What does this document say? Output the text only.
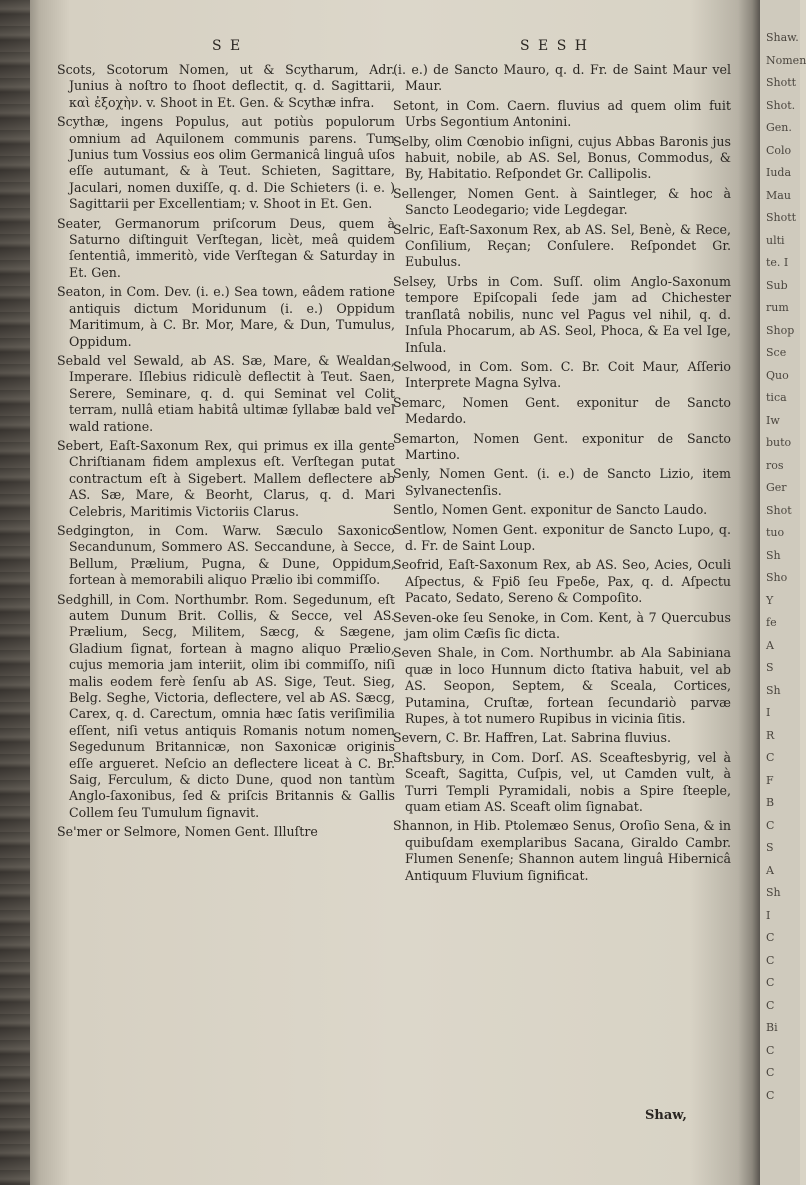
S E	S E S H

Scots, Scotorum Nomen, ut & Scytharum, Adr. Junius à noſtro to ſhoot deflectit, q. d. Sagittarii, καὶ ἐξοχὴν. v. Shoot in Et. Gen. & Scythæ infra.

Scythæ, ingens Populus, aut potiùs populorum omnium ad Aquilonem communis parens. Tum Junius tum Vossius eos olim Germanicâ linguâ uſos eſſe autumant, & à Teut. Schieten, Sagittare, Jaculari, nomen duxiſſe, q. d. Die Schieters (i. e. ) Sagittarii per Excellentiam; v. Shoot in Et. Gen.

Seater, Germanorum priſcorum Deus, quem à Saturno diſtinguit Verſtegan, licèt, meâ quidem ſententiâ, immeritò, vide Verſtegan & Saturday in Et. Gen.

Seaton, in Com. Dev. (i. e.) Sea town, eâdem ratione antiquis dictum Moridunum (i. e.) Oppidum Maritimum, à C. Br. Mor, Mare, & Dun, Tumulus, Oppidum.

Sebald vel Sewald, ab AS. Sæ, Mare, & Wealdan, Imperare. Iſlebius ridiculè deflectit à Teut. Saen, Serere, Seminare, q. d. qui Seminat vel Colit terram, nullâ etiam habitâ ultimæ ſyllabæ bald vel wald ratione.

Sebert, Eaſt-Saxonum Rex, qui primus ex illa gente Chriſtianam fidem amplexus eſt. Verſtegan putat contractum eſt à Sigebert. Mallem deflectere ab AS. Sæ, Mare, & Beorht, Clarus, q. d. Mari Celebris, Maritimis Victoriis Clarus.

Sedgington, in Com. Warw. Sæculo Saxonico Secandunum, Sommero AS. Seccandune, à Secce, Bellum, Prælium, Pugna, & Dune, Oppidum, fortean à memorabili aliquo Prælio ibi commiſſo.

Sedghill, in Com. Northumbr. Rom. Segedunum, eſt autem Dunum Brit. Collis, & Secce, vel AS. Prælium, Secg, Militem, Sæcg, & Sægene, Gladium ſignat, fortean à magno aliquo Prælio, cujus memoria jam interiit, olim ibi commiſſo, niſi malis eodem ferè ſenſu ab AS. Sige, Teut. Sieg, Belg. Seghe, Victoria, deflectere, vel ab AS. Sæcg, Carex, q. d. Carectum, omnia hæc ſatis veriſimilia eſſent, niſi vetus antiquis Romanis notum nomen Segedunum Britannicæ, non Saxonicæ originis eſſe argueret. Neſcio an deflectere liceat à C. Br. Saig, Ferculum, & dicto Dune, quod non tantùm Anglo-ſaxonibus, ſed & priſcis Britannis & Gallis Collem ſeu Tumulum ſignavit.

Se'mer or Selmore, Nomen Gent. Illuſtre

(i. e.) de Sancto Mauro, q. d. Fr. de Saint Maur vel Maur.

Setont, in Com. Caern. fluvius ad quem olim fuit Urbs Segontium Antonini.

Selby, olim Cœnobio inſigni, cujus Abbas Baronis jus habuit, nobile, ab AS. Sel, Bonus, Commodus, & By, Habitatio. Reſpondet Gr. Callipolis.

Sellenger, Nomen Gent. à Saintleger, & hoc à Sancto Leodegario; vide Legdegar.

Selric, Eaſt-Saxonum Rex, ab AS. Sel, Benè, & Rece, Conſilium, Reçan; Conſulere. Reſpondet Gr. Eubulus.

Selsey, Urbs in Com. Suſſ. olim Anglo-Saxonum tempore Epiſcopali ſede jam ad Chichester tranſlatâ nobilis, nunc vel Pagus vel nihil, q. d. Inſula Phocarum, ab AS. Seol, Phoca, & Ea vel Ige, Inſula.

Selwood, in Com. Som. C. Br. Coit Maur, Aſſerio Interprete Magna Sylva.

Semarc, Nomen Gent. exponitur de Sancto Medardo.

Semarton, Nomen Gent. exponitur de Sancto Martino.

Senly, Nomen Gent. (i. e.) de Sancto Lizio, item Sylvanectenſis.

Sentlo, Nomen Gent. exponitur de Sancto Laudo.

Sentlow, Nomen Gent. exponitur de Sancto Lupo, q. d. Fr. de Saint Loup.

Seofrid, Eaſt-Saxonum Rex, ab AS. Seo, Acies, Oculi Aſpectus, & Fpiδ ſeu Fpeδe, Pax, q. d. Aſpectu Pacato, Sedato, Sereno & Compoſito.

Seven-oke ſeu Senoke, in Com. Kent, à 7 Quercubus jam olim Cæſis ſic dicta.

Seven Shale, in Com. Northumbr. ab Ala Sabiniana quæ in loco Hunnum dicto ſtativa habuit, vel ab AS. Seopon, Septem, & Sceala, Cortices, Putamina, Cruſtæ, fortean ſecundariò parvæ Rupes, à tot numero Rupibus in vicinia ſitis.

Severn, C. Br. Haffren, Lat. Sabrina fluvius.

Shaftsbury, in Com. Dorſ. AS. Sceaftesbyrig, vel à Sceaft, Sagitta, Cuſpis, vel, ut Camden vult, à Turri Templi Pyramidali, nobis a Spire ſteeple, quam etiam AS. Sceaft olim ſignabat.

Shannon, in Hib. Ptolemæo Senus, Oroſio Sena, & in quibuſdam exemplaribus Sacana, Giraldo Cambr. Flumen Senenſe; Shannon autem linguâ Hibernicâ Antiquum Fluvium ſignificat.

Shaw,
Shaw.
Nomen
Shott
Shot.
Gen.
Colo
Iuda
Mau
Shott
ulti
te. I
Sub
rum
Shop
Sce
Quo
tica
Iw
buto
ros
Ger
Shot
tuo
Sh
Sho
Y
fe
A
S
Sh
I
R
C
F
B
C
S
A
Sh
I
C
C
C
C
Bi
C
C
C
